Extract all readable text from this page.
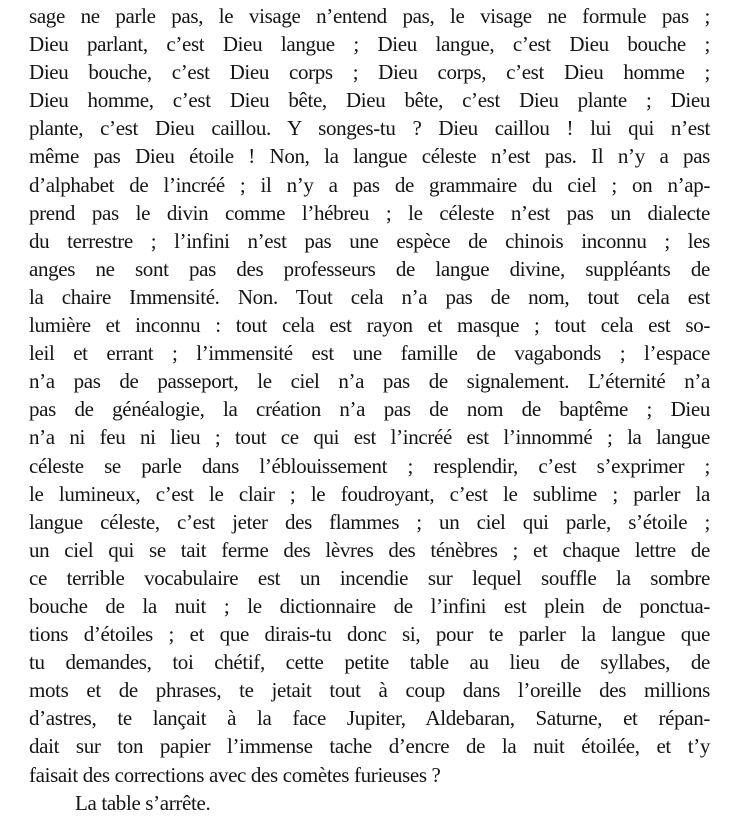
sage ne parle pas, le visage n’entend pas, le visage ne formule pas ;
Dieu parlant, c’est Dieu langue ; Dieu langue, c’est Dieu bouche ;
Dieu bouche, c’est Dieu corps ; Dieu corps, c’est Dieu homme ;
Dieu homme, c’est Dieu bête, Dieu bête, c’est Dieu plante ; Dieu
plante, c’est Dieu caillou. Y songes-tu ? Dieu caillou ! lui qui n’est
même pas Dieu étoile ! Non, la langue céleste n’est pas. Il n’y a pas
d’alphabet de l’incréé ; il n’y a pas de grammaire du ciel ; on n’ap-
prend pas le divin comme l’hébreu ; le céleste n’est pas un dialecte
du terrestre ; l’infini n’est pas une espèce de chinois inconnu ; les
anges ne sont pas des professeurs de langue divine, suppléants de
la chaire Immensité. Non. Tout cela n’a pas de nom, tout cela est
lumière et inconnu : tout cela est rayon et masque ; tout cela est so-
leil et errant ; l’immensité est une famille de vagabonds ; l’espace
n’a pas de passeport, le ciel n’a pas de signalement. L’éternité n’a
pas de généalogie, la création n’a pas de nom de baptême ; Dieu
n’a ni feu ni lieu ; tout ce qui est l’incréé est l’innommé ; la langue
céleste se parle dans l’éblouissement ; resplendir, c’est s’exprimer ;
le lumineux, c’est le clair ; le foudroyant, c’est le sublime ; parler la
langue céleste, c’est jeter des flammes ; un ciel qui parle, s’étoile ;
un ciel qui se tait ferme des lèvres des ténèbres ; et chaque lettre de
ce terrible vocabulaire est un incendie sur lequel souffle la sombre
bouche de la nuit ; le dictionnaire de l’infini est plein de ponctua-
tions d’étoiles ; et que dirais-tu donc si, pour te parler la langue que
tu demandes, toi chétif, cette petite table au lieu de syllabes, de
mots et de phrases, te jetait tout à coup dans l’oreille des millions
d’astres, te lançait à la face Jupiter, Aldebaran, Saturne, et répan-
dait sur ton papier l’immense tache d’encre de la nuit étoilée, et t’y
faisait des corrections avec des comètes furieuses ?
La table s’arrête.
